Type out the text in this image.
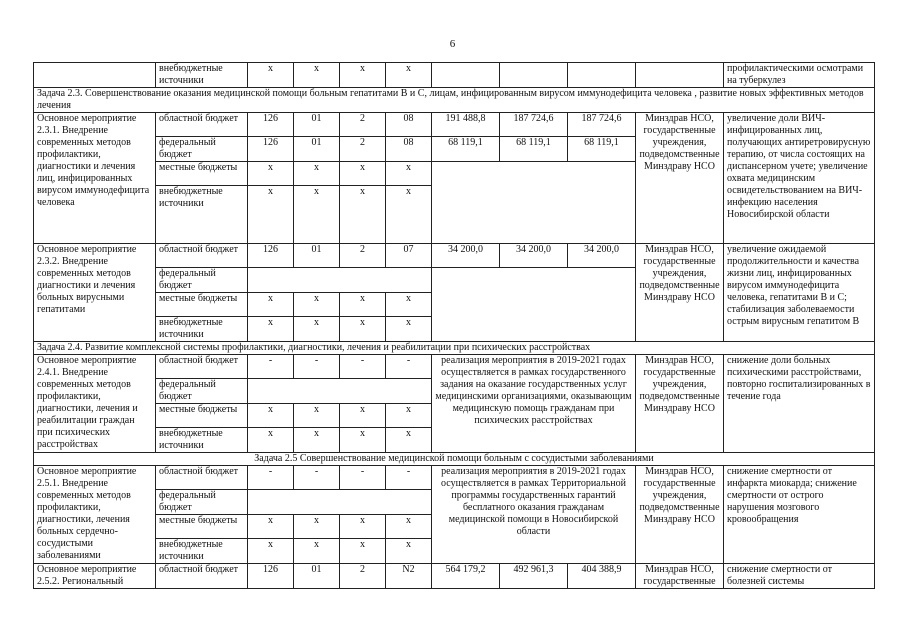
6
	внебюджетные источники	х	х	х	х					профилактическими осмотрами на туберкулез
Задача 2.3. Совершенствование оказания медицинской помощи больным гепатитами В и С, лицам, инфицированным вирусом иммунодефицита человека , развитие новых эффективных методов лечения										
Основное мероприятие 2.3.1. Внедрение современных методов профилактики, диагностики и лечения лиц, инфицированных вирусом иммунодефицита человека	областной бюджет	126	01	2	08	191 488,8	187 724,6	187 724,6	Минздрав НСО, государственные учреждения, подведомственные Минздраву НСО	увеличение доли ВИЧ-инфицированных лиц, получающих антиретровирусную терапию, от числа состоящих на диспансерном учете; увеличение охвата медицинским освидетельствованием на ВИЧ-инфекцию населения Новосибирской области
	федеральный бюджет	126	01	2	08	68 119,1	68 119,1	68 119,1		
	местные бюджеты	х	х	х	х					
	внебюджетные источники	х	х	х	х					
Основное мероприятие 2.3.2. Внедрение современных методов диагностики и лечения больных вирусными гепатитами	областной бюджет	126	01	2	07	34 200,0	34 200,0	34 200,0	Минздрав НСО, государственные учреждения, подведомственные Минздраву НСО	увеличение ожидаемой продолжительности и качества жизни лиц, инфицированных вирусом иммунодефицита человека, гепатитами В и С; стабилизация заболеваемости острым вирусным гепатитом В
	федеральный бюджет									
	местные бюджеты	х	х	х	х					
	внебюджетные источники	х	х	х	х					
Задача 2.4. Развитие комплексной системы профилактики, диагностики, лечения и реабилитации при психических расстройствах										
Основное мероприятие 2.4.1. Внедрение современных методов профилактики, диагностики, лечения и реабилитации граждан при психических расстройствах	областной бюджет	-	-	-	-	реализация мероприятия в 2019-2021 годах осуществляется в рамках государственного задания на оказание государственных услуг медицинскими организациями, оказывающим медицинскую помощь гражданам при психических расстройствах			Минздрав НСО, государственные учреждения, подведомственные Минздраву НСО	снижение доли больных психическими расстройствами, повторно госпитализированных в течение года
	федеральный бюджет									
	местные бюджеты	х	х	х	х					
	внебюджетные источники	х	х	х	х					
Задача 2.5 Совершенствование медицинской помощи больным с сосудистыми заболеваниями										
Основное мероприятие 2.5.1. Внедрение современных методов профилактики, диагностики, лечения больных сердечно-сосудистыми заболеваниями	областной бюджет	-	-	-	-	реализация мероприятия в 2019-2021 годах осуществляется в рамках Территориальной программы государственных гарантий бесплатного оказания гражданам медицинской помощи в Новосибирской области			Минздрав НСО, государственные учреждения, подведомственные Минздраву НСО	снижение смертности от инфаркта миокарда; снижение смертности от острого нарушения мозгового кровообращения
	федеральный бюджет									
	местные бюджеты	х	х	х	х					
	внебюджетные источники	х	х	х	х					
Основное мероприятие 2.5.2. Региональный	областной бюджет	126	01	2	N2	564 179,2	492 961,3	404 388,9	Минздрав НСО, государственные	снижение смертности от болезней системы
